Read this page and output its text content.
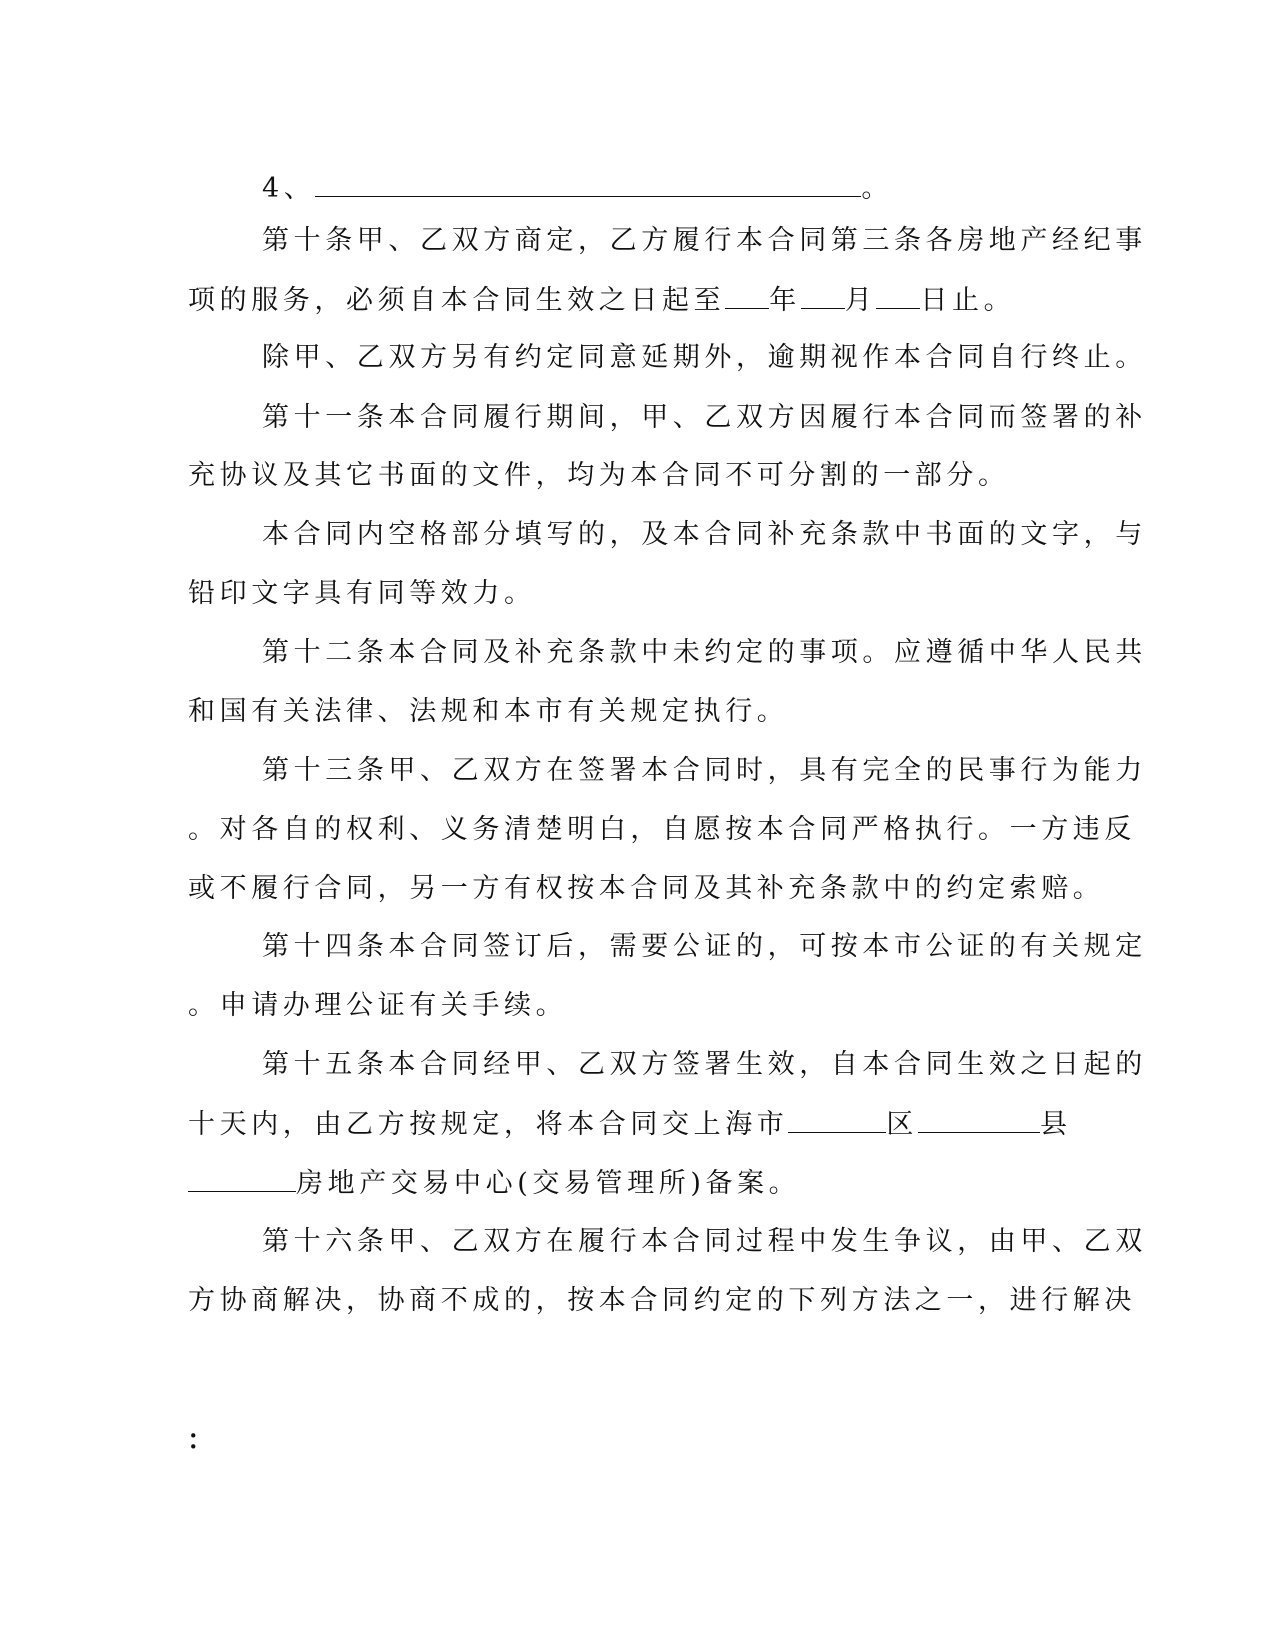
4、	。
第十条甲、乙双方商定，乙方履行本合同第三条各房地产经纪事
项的服务，必须自本合同生效之日起至 年 月 日止。
除甲、乙双方另有约定同意延期外，逾期视作本合同自行终止。
第十一条本合同履行期间，甲、乙双方因履行本合同而签署的补
充协议及其它书面的文件，均为本合同不可分割的一部分。
本合同内空格部分填写的，及本合同补充条款中书面的文字，与
铅印文字具有同等效力。
第十二条本合同及补充条款中未约定的事项。应遵循中华人民共
和国有关法律、法规和本市有关规定执行。
第十三条甲、乙双方在签署本合同时，具有完全的民事行为能力
。对各自的权利、义务清楚明白，自愿按本合同严格执行。一方违反
或不履行合同，另一方有权按本合同及其补充条款中的约定索赔。
第十四条本合同签订后，需要公证的，可按本市公证的有关规定
。申请办理公证有关手续。
第十五条本合同经甲、乙双方签署生效，自本合同生效之日起的
十天内，由乙方按规定，将本合同交上海市	区	县
房地产交易中心(交易管理所)备案。
第十六条甲、乙双方在履行本合同过程中发生争议，由甲、乙双
方协商解决，协商不成的，按本合同约定的下列方法之一，进行解决
：
